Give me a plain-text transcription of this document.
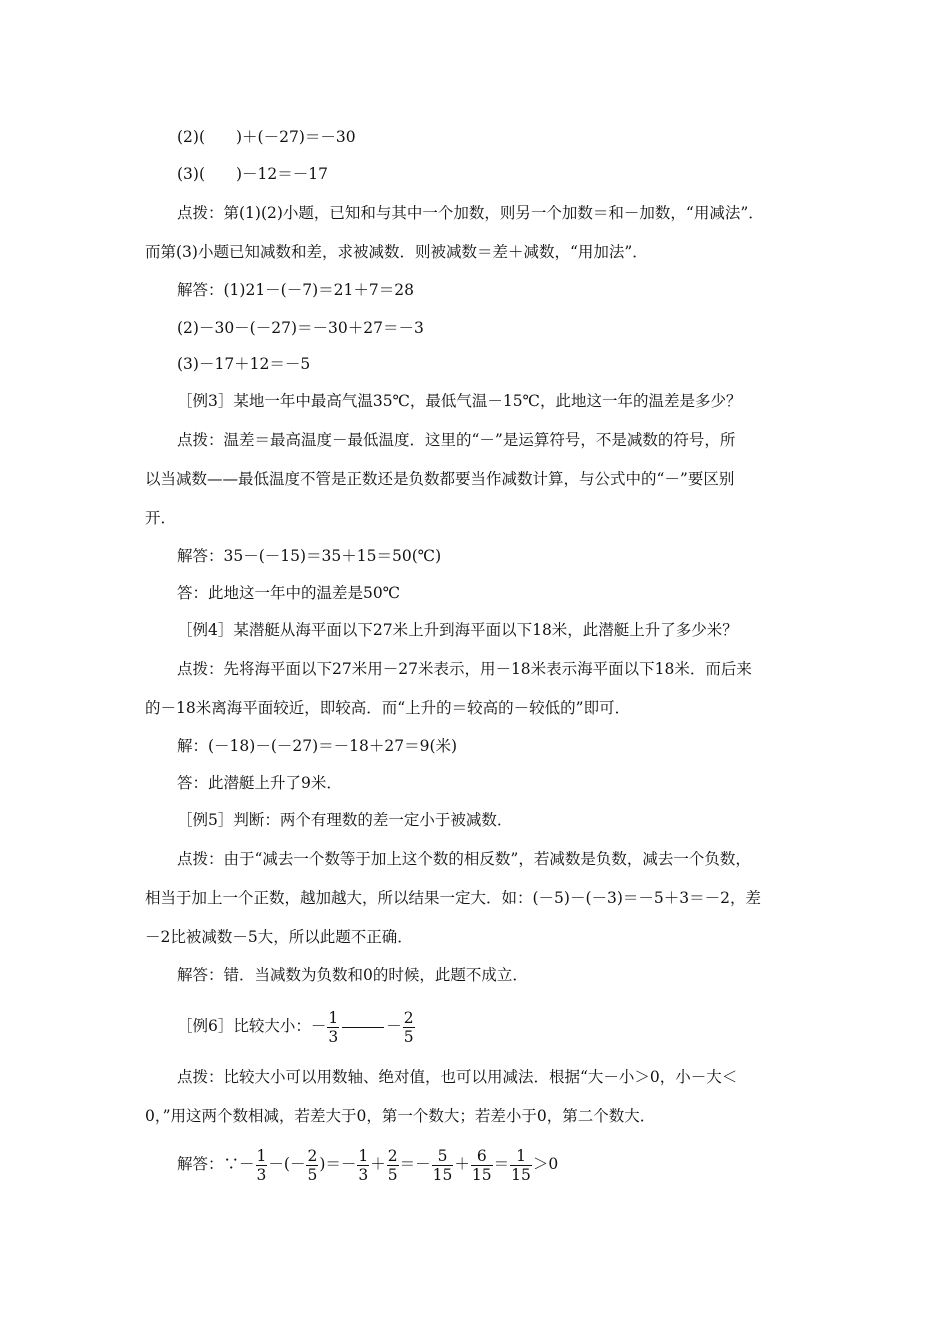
(2)(　　)＋(－27)＝－30
(3)(　　)－12＝－17
点拨：第(1)(2)小题，已知和与其中一个加数，则另一个加数＝和－加数，“用减法”．
而第(3)小题已知减数和差，求被减数．则被减数＝差＋减数，“用加法”．
解答：(1)21－(－7)＝21＋7＝28
(2)－30－(－27)＝－30＋27＝－3
(3)－17＋12＝－5
［例3］某地一年中最高气温35℃，最低气温－15℃，此地这一年的温差是多少？
点拨：温差＝最高温度－最低温度．这里的“－”是运算符号，不是减数的符号，所
以当减数——最低温度不管是正数还是负数都要当作减数计算，与公式中的“－”要区别
开．
解答：35－(－15)＝35＋15＝50(℃)
答：此地这一年中的温差是50℃
［例4］某潜艇从海平面以下27米上升到海平面以下18米，此潜艇上升了多少米？
点拨：先将海平面以下27米用－27米表示，用－18米表示海平面以下18米．而后来
的－18米离海平面较近，即较高．而“上升的＝较高的－较低的”即可．
解：(－18)－(－27)＝－18＋27＝9(米)
答：此潜艇上升了9米．
［例5］判断：两个有理数的差一定小于被减数．
点拨：由于“减去一个数等于加上这个数的相反数”，若减数是负数，减去一个负数，
相当于加上一个正数，越加越大，所以结果一定大．如：(－5)－(－3)＝－5＋3＝－2，差
－2比被减数－5大，所以此题不正确．
解答：错．当减数为负数和0的时候，此题不成立．
［例6］比较大小：－ $\frac{1}{3}$	－ $\frac{2}{5}$
点拨：比较大小可以用数轴、绝对值，也可以用减法．根据“大－小＞0，小－大＜
0，”用这两个数相减，若差大于0，第一个数大；若差小于0，第二个数大．
解答：∵－ $\frac{1}{3}$ －(－ $\frac{2}{5}$ )＝－ $\frac{1}{3} + \frac{2}{5} =- \frac{5}{15} + \frac{6}{15} = \frac{1}{15} >0$
